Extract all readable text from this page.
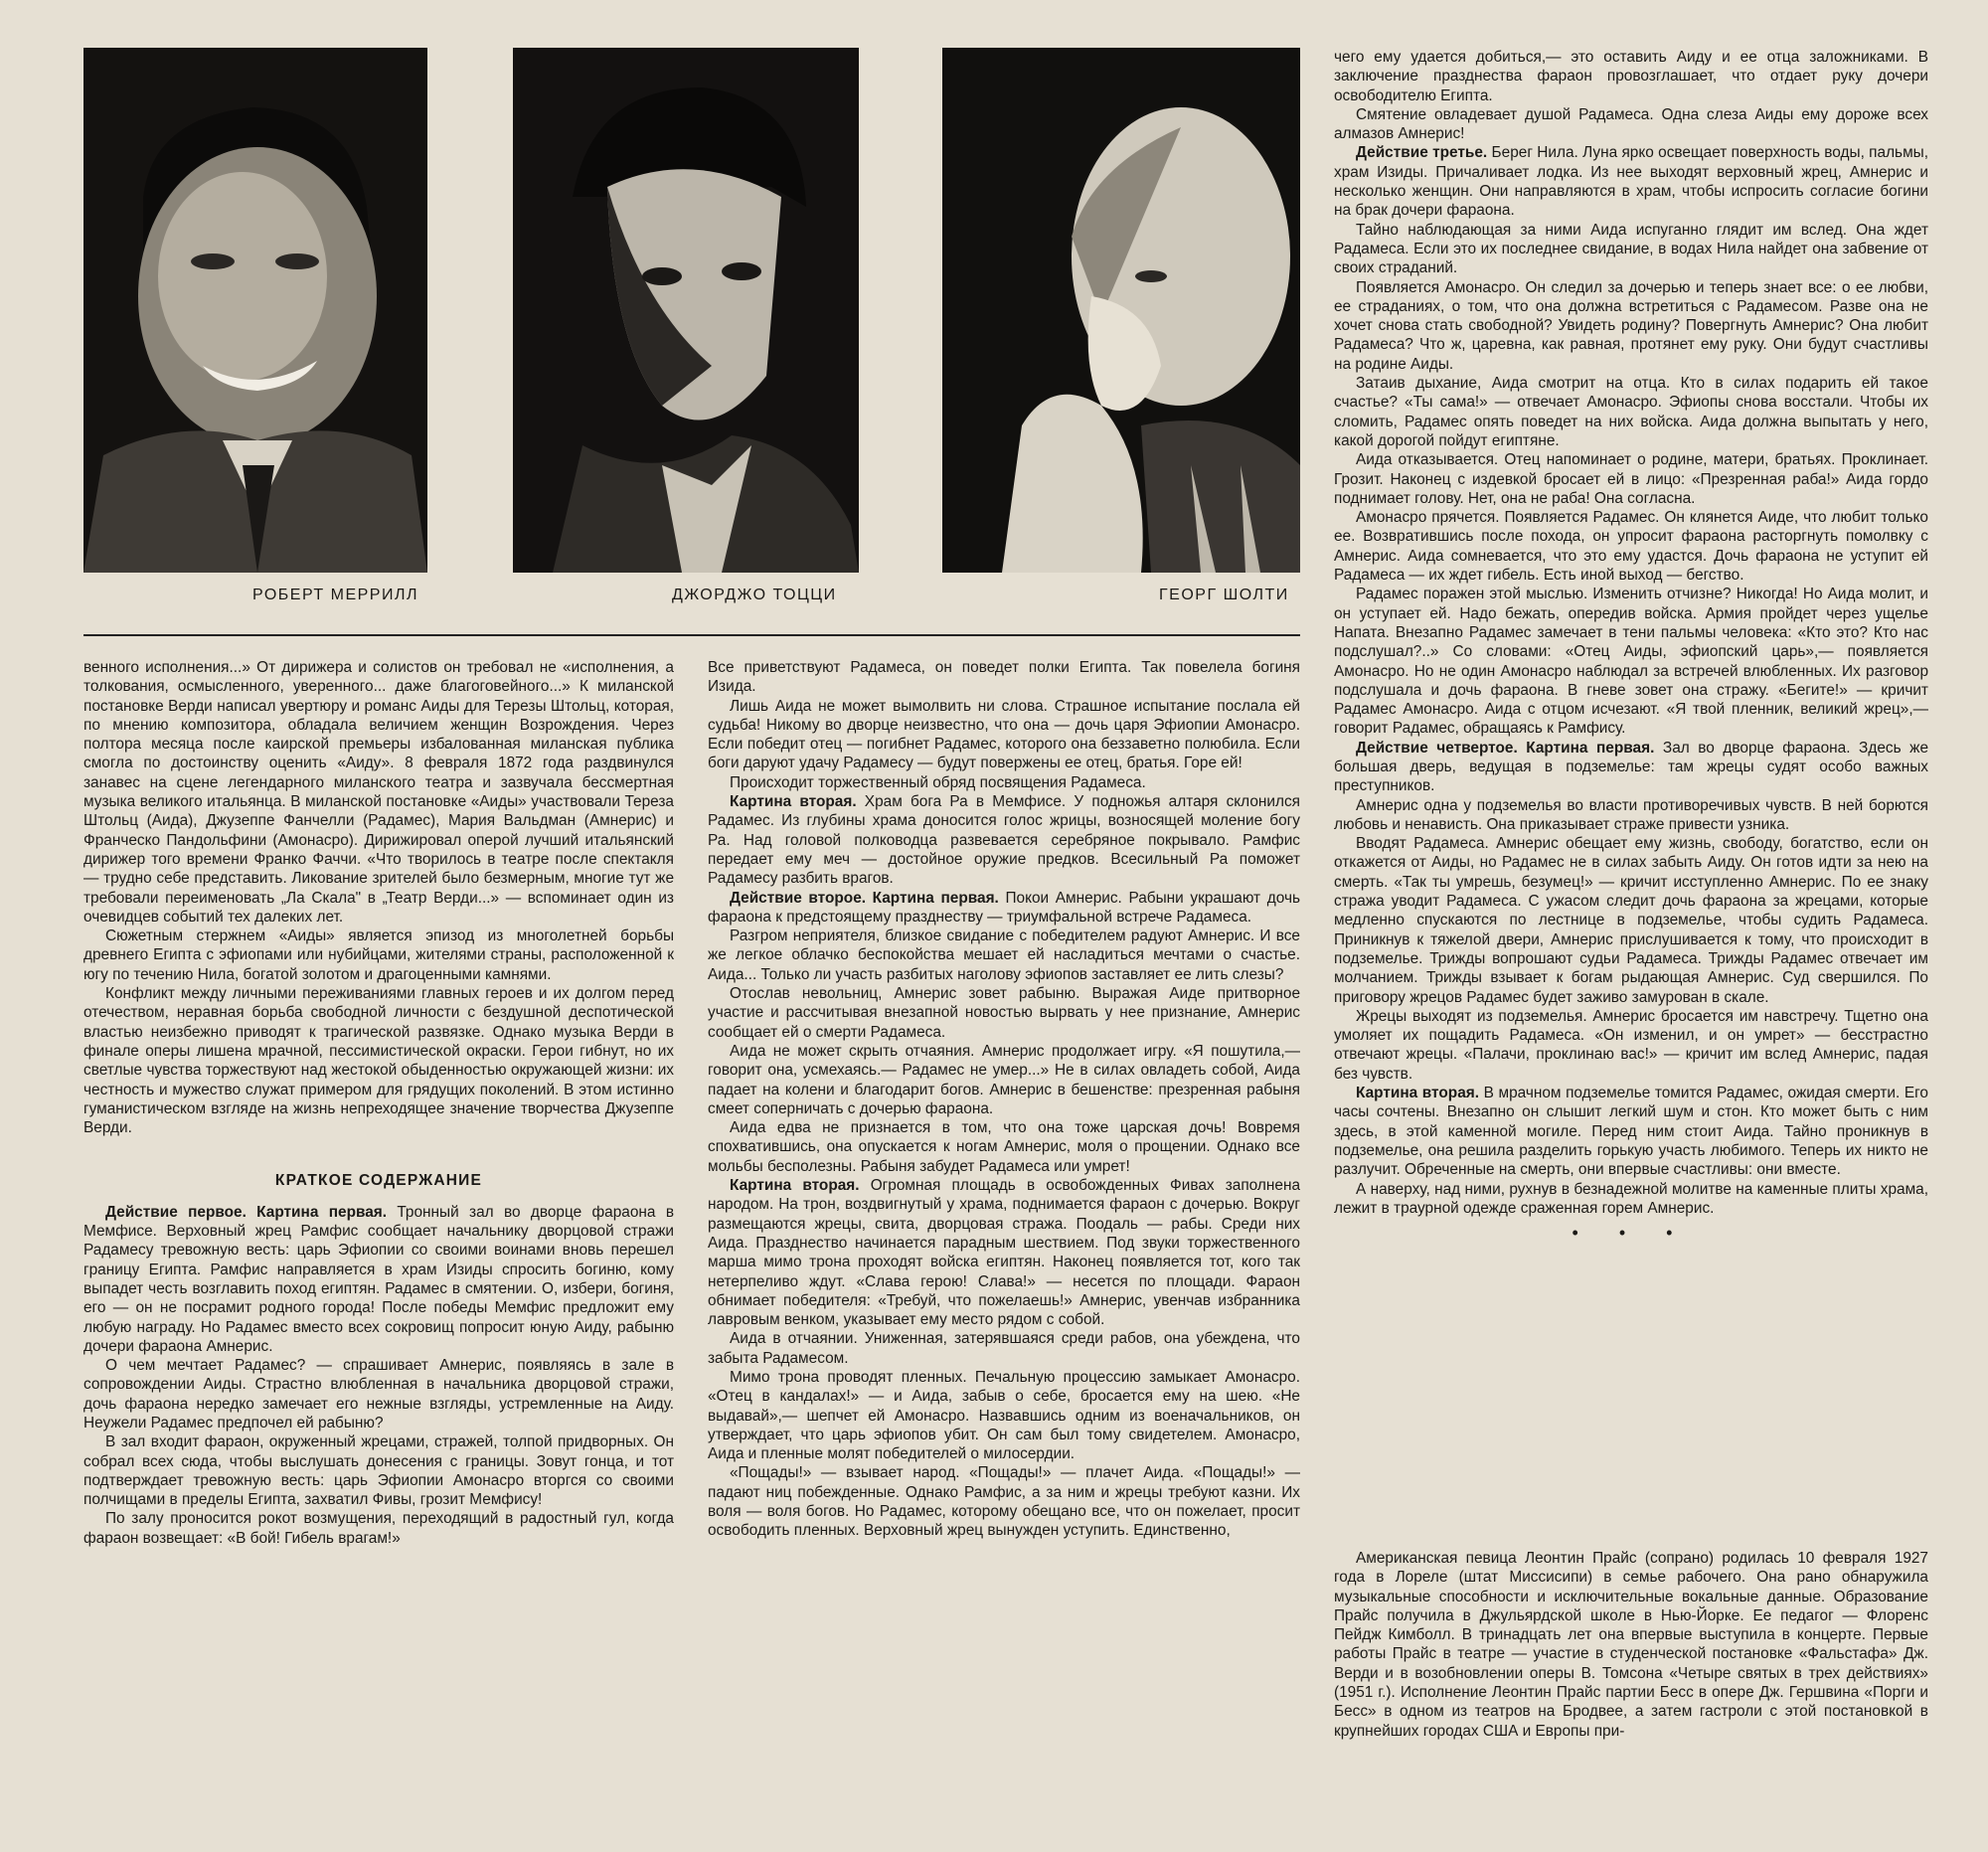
РОБЕРТ МЕРРИЛЛ	ДЖОРДЖО ТОЦЦИ	ГЕОРГ ШОЛТИ

венного исполнения...» От дирижера и солистов он требовал не «исполнения, а толкования, осмысленного, уверенного... даже благоговейного...» К миланской постановке Верди написал увертюру и романс Аиды для Терезы Штольц, которая, по мнению композитора, обладала величием женщин Возрождения. Через полтора месяца после каирской премьеры избалованная миланская публика смогла по достоинству оценить «Аиду». 8 февраля 1872 года раздвинулся занавес на сцене легендарного миланского театра и зазвучала бессмертная музыка великого итальянца. В миланской постановке «Аиды» участвовали Тереза Штольц (Аида), Джузеппе Фанчелли (Радамес), Мария Вальдман (Амнерис) и Франческо Пандольфини (Амонасро). Дирижировал оперой лучший итальянский дирижер того времени Франко Фаччи. «Что творилось в театре после спектакля — трудно себе представить. Ликование зрителей было безмерным, многие тут же требовали переименовать „Ла Скала" в „Театр Верди...» — вспоминает один из очевидцев событий тех далеких лет.

Сюжетным стержнем «Аиды» является эпизод из многолетней борьбы древнего Египта с эфиопами или нубийцами, жителями страны, расположенной к югу по течению Нила, богатой золотом и драгоценными камнями.

Конфликт между личными переживаниями главных героев и их долгом перед отечеством, неравная борьба свободной личности с бездушной деспотической властью неизбежно приводят к трагической развязке. Однако музыка Верди в финале оперы лишена мрачной, пессимистической окраски. Герои гибнут, но их светлые чувства торжествуют над жестокой обыденностью окружающей жизни: их честность и мужество служат примером для грядущих поколений. В этом истинно гуманистическом взгляде на жизнь непреходящее значение творчества Джузеппе Верди.

КРАТКОЕ СОДЕРЖАНИЕ

Действие первое. Картина первая. Тронный зал во дворце фараона в Мемфисе. Верховный жрец Рамфис сообщает начальнику дворцовой стражи Радамесу тревожную весть: царь Эфиопии со своими воинами вновь перешел границу Египта. Рамфис направляется в храм Изиды спросить богиню, кому выпадет честь возглавить поход египтян. Радамес в смятении. О, избери, богиня, его — он не посрамит родного города! После победы Мемфис предложит ему любую награду. Но Радамес вместо всех сокровищ попросит юную Аиду, рабыню дочери фараона Амнерис.

О чем мечтает Радамес? — спрашивает Амнерис, появляясь в зале в сопровождении Аиды. Страстно влюбленная в начальника дворцовой стражи, дочь фараона нередко замечает его нежные взгляды, устремленные на Аиду. Неужели Радамес предпочел ей рабыню?

В зал входит фараон, окруженный жрецами, стражей, толпой придворных. Он собрал всех сюда, чтобы выслушать донесения с границы. Зовут гонца, и тот подтверждает тревожную весть: царь Эфиопии Амонасро вторгся со своими полчищами в пределы Египта, захватил Фивы, грозит Мемфису!

По залу проносится рокот возмущения, переходящий в радостный гул, когда фараон возвещает: «В бой! Гибель врагам!»

Все приветствуют Радамеса, он поведет полки Египта. Так повелела богиня Изида.

Лишь Аида не может вымолвить ни слова. Страшное испытание послала ей судьба! Никому во дворце неизвестно, что она — дочь царя Эфиопии Амонасро. Если победит отец — погибнет Радамес, которого она беззаветно полюбила. Если боги даруют удачу Радамесу — будут повержены ее отец, братья. Горе ей!

Происходит торжественный обряд посвящения Радамеса.

Картина вторая. Храм бога Ра в Мемфисе. У подножья алтаря склонился Радамес. Из глубины храма доносится голос жрицы, возносящей моление богу Ра. Над головой полководца развевается серебряное покрывало. Рамфис передает ему меч — достойное оружие предков. Всесильный Ра поможет Радамесу разбить врагов.

Действие второе. Картина первая. Покои Амнерис. Рабыни украшают дочь фараона к предстоящему празднеству — триумфальной встрече Радамеса.

Разгром неприятеля, близкое свидание с победителем радуют Амнерис. И все же легкое облачко беспокойства мешает ей насладиться мечтами о счастье. Аида... Только ли участь разбитых наголову эфиопов заставляет ее лить слезы?

Отослав невольниц, Амнерис зовет рабыню. Выражая Аиде притворное участие и рассчитывая внезапной новостью вырвать у нее признание, Амнерис сообщает ей о смерти Радамеса.

Аида не может скрыть отчаяния. Амнерис продолжает игру. «Я пошутила,— говорит она, усмехаясь.— Радамес не умер...» Не в силах овладеть собой, Аида падает на колени и благодарит богов. Амнерис в бешенстве: презренная рабыня смеет соперничать с дочерью фараона.

Аида едва не признается в том, что она тоже царская дочь! Вовремя спохватившись, она опускается к ногам Амнерис, моля о прощении. Однако все мольбы бесполезны. Рабыня забудет Радамеса или умрет!

Картина вторая. Огромная площадь в освобожденных Фивах заполнена народом. На трон, воздвигнутый у храма, поднимается фараон с дочерью. Вокруг размещаются жрецы, свита, дворцовая стража. Поодаль — рабы. Среди них Аида. Празднество начинается парадным шествием. Под звуки торжественного марша мимо трона проходят войска египтян. Наконец появляется тот, кого так нетерпеливо ждут. «Слава герою! Слава!» — несется по площади. Фараон обнимает победителя: «Требуй, что пожелаешь!» Амнерис, увенчав избранника лавровым венком, указывает ему место рядом с собой.

Аида в отчаянии. Униженная, затерявшаяся среди рабов, она убеждена, что забыта Радамесом.

Мимо трона проводят пленных. Печальную процессию замыкает Амонасро. «Отец в кандалах!» — и Аида, забыв о себе, бросается ему на шею. «Не выдавай»,— шепчет ей Амонасро. Назвавшись одним из военачальников, он утверждает, что царь эфиопов убит. Он сам был тому свидетелем. Амонасро, Аида и пленные молят победителей о милосердии.

«Пощады!» — взывает народ. «Пощады!» — плачет Аида. «Пощады!» — падают ниц побежденные. Однако Рамфис, а за ним и жрецы требуют казни. Их воля — воля богов. Но Радамес, которому обещано все, что он пожелает, просит освободить пленных. Верховный жрец вынужден уступить. Единственно,

чего ему удается добиться,— это оставить Аиду и ее отца заложниками. В заключение празднества фараон провозглашает, что отдает руку дочери освободителю Египта.

Смятение овладевает душой Радамеса. Одна слеза Аиды ему дороже всех алмазов Амнерис!

Действие третье. Берег Нила. Луна ярко освещает поверхность воды, пальмы, храм Изиды. Причаливает лодка. Из нее выходят верховный жрец, Амнерис и несколько женщин. Они направляются в храм, чтобы испросить согласие богини на брак дочери фараона.

Тайно наблюдающая за ними Аида испуганно глядит им вслед. Она ждет Радамеса. Если это их последнее свидание, в водах Нила найдет она забвение от своих страданий.

Появляется Амонасро. Он следил за дочерью и теперь знает все: о ее любви, ее страданиях, о том, что она должна встретиться с Радамесом. Разве она не хочет снова стать свободной? Увидеть родину? Повергнуть Амнерис? Она любит Радамеса? Что ж, царевна, как равная, протянет ему руку. Они будут счастливы на родине Аиды.

Затаив дыхание, Аида смотрит на отца. Кто в силах подарить ей такое счастье? «Ты сама!» — отвечает Амонасро. Эфиопы снова восстали. Чтобы их сломить, Радамес опять поведет на них войска. Аида должна выпытать у него, какой дорогой пойдут египтяне.

Аида отказывается. Отец напоминает о родине, матери, братьях. Проклинает. Грозит. Наконец с издевкой бросает ей в лицо: «Презренная раба!» Аида гордо поднимает голову. Нет, она не раба! Она согласна.

Амонасро прячется. Появляется Радамес. Он клянется Аиде, что любит только ее. Возвратившись после похода, он упросит фараона расторгнуть помолвку с Амнерис. Аида сомневается, что это ему удастся. Дочь фараона не уступит ей Радамеса — их ждет гибель. Есть иной выход — бегство.

Радамес поражен этой мыслью. Изменить отчизне? Никогда! Но Аида молит, и он уступает ей. Надо бежать, опередив войска. Армия пройдет через ущелье Напата. Внезапно Радамес замечает в тени пальмы человека: «Кто это? Кто нас подслушал?..» Со словами: «Отец Аиды, эфиопский царь»,— появляется Амонасро. Но не один Амонасро наблюдал за встречей влюбленных. Их разговор подслушала и дочь фараона. В гневе зовет она стражу. «Бегите!» — кричит Радамес Амонасро. Аида с отцом исчезают. «Я твой пленник, великий жрец»,— говорит Радамес, обращаясь к Рамфису.

Действие четвертое. Картина первая. Зал во дворце фараона. Здесь же большая дверь, ведущая в подземелье: там жрецы судят особо важных преступников.

Амнерис одна у подземелья во власти противоречивых чувств. В ней борются любовь и ненависть. Она приказывает страже привести узника.

Вводят Радамеса. Амнерис обещает ему жизнь, свободу, богатство, если он откажется от Аиды, но Радамес не в силах забыть Аиду. Он готов идти за нею на смерть. «Так ты умрешь, безумец!» — кричит исступленно Амнерис. По ее знаку стража уводит Радамеса. С ужасом следит дочь фараона за жрецами, которые медленно спускаются по лестнице в подземелье, чтобы судить Радамеса. Приникнув к тяжелой двери, Амнерис прислушивается к тому, что происходит в подземелье. Трижды вопрошают судьи Радамеса. Трижды Радамес отвечает им молчанием. Трижды взывает к богам рыдающая Амнерис. Суд свершился. По приговору жрецов Радамес будет заживо замурован в скале.

Жрецы выходят из подземелья. Амнерис бросается им навстречу. Тщетно она умоляет их пощадить Радамеса. «Он изменил, и он умрет» — бесстрастно отвечают жрецы. «Палачи, проклинаю вас!» — кричит им вслед Амнерис, падая без чувств.

Картина вторая. В мрачном подземелье томится Радамес, ожидая смерти. Его часы сочтены. Внезапно он слышит легкий шум и стон. Кто может быть с ним здесь, в этой каменной могиле. Перед ним стоит Аида. Тайно проникнув в подземелье, она решила разделить горькую участь любимого. Теперь их никто не разлучит. Обреченные на смерть, они впервые счастливы: они вместе.

А наверху, над ними, рухнув в безнадежной молитве на каменные плиты храма, лежит в траурной одежде сраженная горем Амнерис.

• • •

Американская певица Леонтин Прайс (сопрано) родилась 10 февраля 1927 года в Лореле (штат Миссисипи) в семье рабочего. Она рано обнаружила музыкальные способности и исключительные вокальные данные. Образование Прайс получила в Джульярдской школе в Нью-Йорке. Ее педагог — Флоренс Пейдж Кимболл. В тринадцать лет она впервые выступила в концерте. Первые работы Прайс в театре — участие в студенческой постановке «Фальстафа» Дж. Верди и в возобновлении оперы В. Томсона «Четыре святых в трех действиях» (1951 г.). Исполнение Леонтин Прайс партии Бесс в опере Дж. Гершвина «Порги и Бесс» в одном из театров на Бродвее, а затем гастроли с этой постановкой в крупнейших городах США и Европы при-
